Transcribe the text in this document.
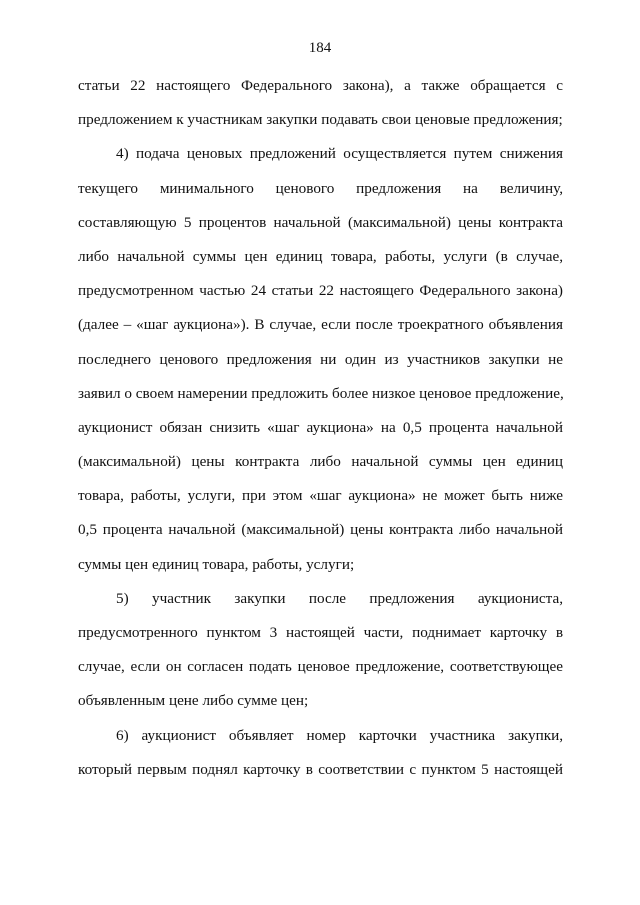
184
статьи 22 настоящего Федерального закона), а также обращается с
предложением к участникам закупки подавать свои ценовые предложения;
4) подача ценовых предложений осуществляется путем снижения
текущего минимального ценового предложения на величину,
составляющую 5 процентов начальной (максимальной) цены контракта
либо начальной суммы цен единиц товара, работы, услуги (в случае,
предусмотренном частью 24 статьи 22 настоящего Федерального закона)
(далее – «шаг аукциона»). В случае, если после троекратного объявления
последнего ценового предложения ни один из участников закупки не
заявил о своем намерении предложить более низкое ценовое предложение,
аукционист обязан снизить «шаг аукциона» на 0,5 процента начальной
(максимальной) цены контракта либо начальной суммы цен единиц
товара, работы, услуги, при этом «шаг аукциона» не может быть ниже
0,5 процента начальной (максимальной) цены контракта либо начальной
суммы цен единиц товара, работы, услуги;
5) участник закупки после предложения аукциониста,
предусмотренного пунктом 3 настоящей части, поднимает карточку в
случае, если он согласен подать ценовое предложение, соответствующее
объявленным цене либо сумме цен;
6) аукционист объявляет номер карточки участника закупки,
который первым поднял карточку в соответствии с пунктом 5 настоящей
